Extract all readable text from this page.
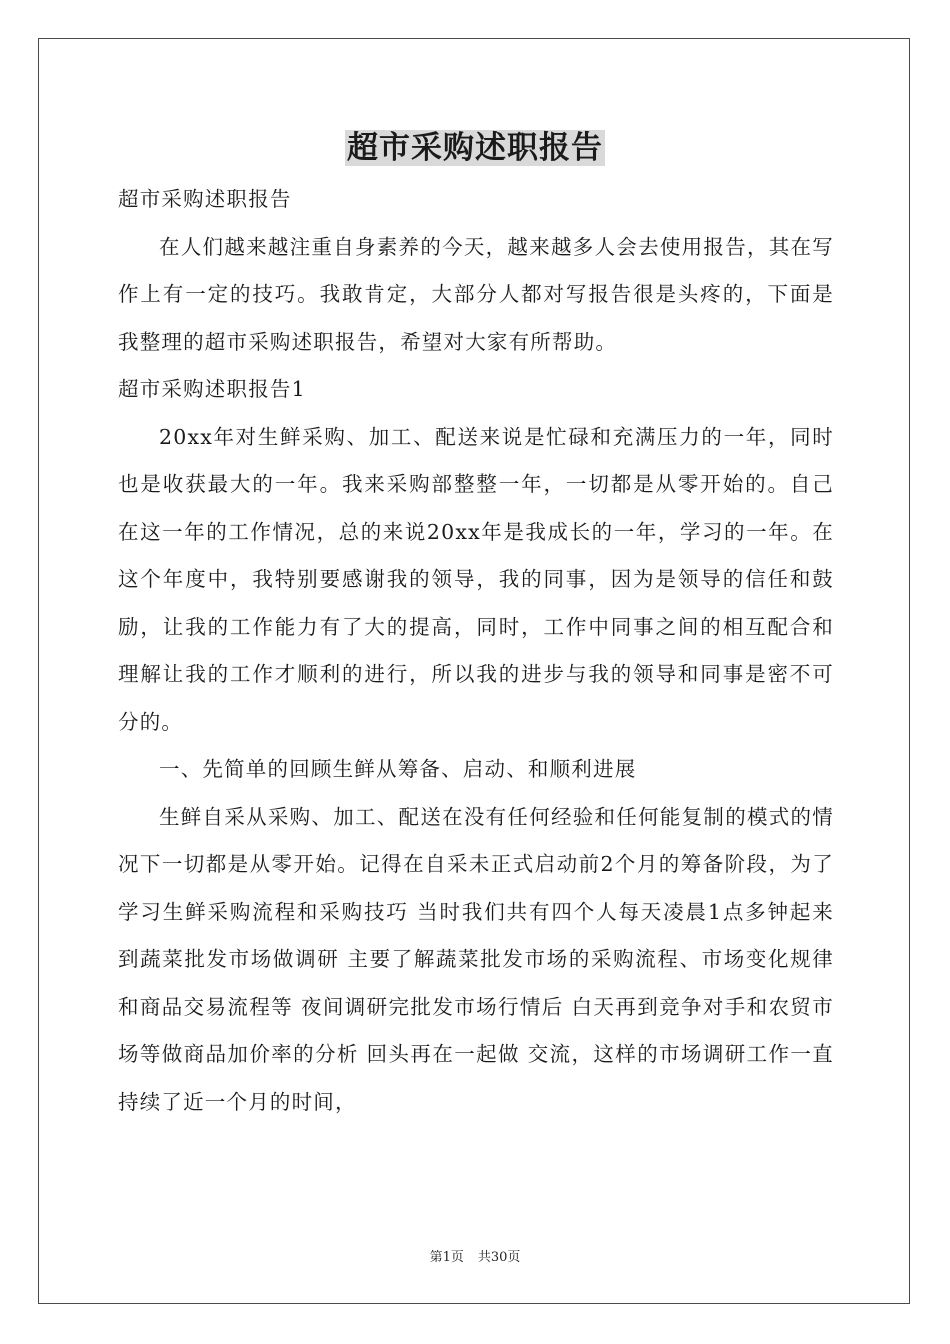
超市采购述职报告

超市采购述职报告

在人们越来越注重自身素养的今天，越来越多人会去使用报告，其在写作上有一定的技巧。我敢肯定，大部分人都对写报告很是头疼的，下面是我整理的超市采购述职报告，希望对大家有所帮助。

超市采购述职报告1

20xx年对生鲜采购、加工、配送来说是忙碌和充满压力的一年，同时也是收获最大的一年。我来采购部整整一年，一切都是从零开始的。自己在这一年的工作情况，总的来说20xx年是我成长的一年，学习的一年。在这个年度中，我特别要感谢我的领导，我的同事，因为是领导的信任和鼓励，让我的工作能力有了大的提高，同时，工作中同事之间的相互配合和理解让我的工作才顺利的进行，所以我的进步与我的领导和同事是密不可分的。

一、先简单的回顾生鲜从筹备、启动、和顺利进展

生鲜自采从采购、加工、配送在没有任何经验和任何能复制的模式的情况下一切都是从零开始。记得在自采未正式启动前2个月的筹备阶段，为了学习生鲜采购流程和采购技巧 当时我们共有四个人每天凌晨1点多钟起来 到蔬菜批发市场做调研 主要了解蔬菜批发市场的采购流程、市场变化规律和商品交易流程等 夜间调研完批发市场行情后 白天再到竞争对手和农贸市场等做商品加价率的分析 回头再在一起做 交流，这样的市场调研工作一直持续了近一个月的时间，

第1页 共30页
